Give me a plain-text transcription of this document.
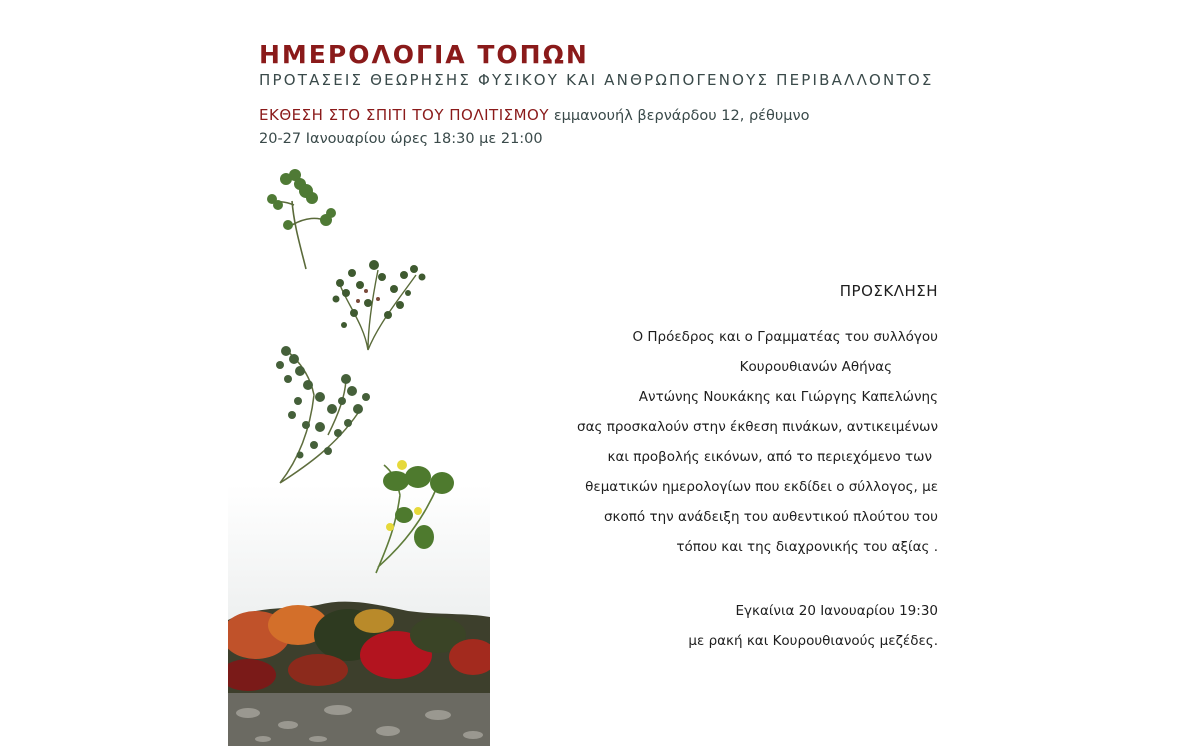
ΗΜΕΡΟΛΟΓΙΑ ΤΟΠΩΝ

ΠΡΟΤΑΣΕΙΣ ΘΕΩΡΗΣΗΣ ΦΥΣΙΚΟΥ ΚΑΙ ΑΝΘΡΩΠΟΓΕΝΟΥΣ ΠΕΡΙΒΑΛΛΟΝΤΟΣ

ΕΚΘΕΣΗ ΣΤΟ ΣΠΙΤΙ ΤΟΥ ΠΟΛΙΤΙΣΜΟΥ εμμανουήλ βερνάρδου 12, ρέθυμνο
20-27 Ιανουαρίου ώρες 18:30 με 21:00
ΠΡΟΣΚΛΗΣΗ

Ο Πρόεδρος και ο Γραμματέας του συλλόγου

Κουρουθιανών Αθήνας

Αντώνης Νουκάκης και Γιώργης Καπελώνης

σας προσκαλούν στην έκθεση πινάκων, αντικειμένων

και προβολής εικόνων, από το περιεχόμενο των

θεματικών ημερολογίων που εκδίδει ο σύλλογος, με

σκοπό την ανάδειξη του αυθεντικού πλούτου του

τόπου και της διαχρονικής του αξίας .

Εγκαίνια 20 Ιανουαρίου 19:30

με ρακή και Κουρουθιανούς μεζέδες.
